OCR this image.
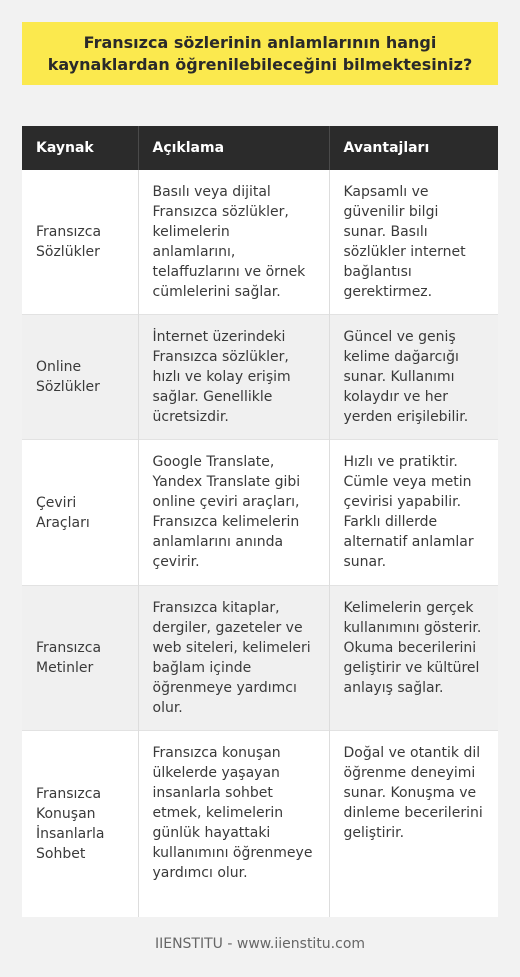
Fransızca sözlerinin anlamlarının hangi kaynaklardan öğrenilebileceğini bilmektesiniz?
Kaynak	Açıklama	Avantajları
Fransızca Sözlükler	Basılı veya dijital Fransızca sözlükler, kelimelerin anlamlarını, telaffuzlarını ve örnek cümlelerini sağlar.	Kapsamlı ve güvenilir bilgi sunar. Basılı sözlükler internet bağlantısı gerektirmez.
Online Sözlükler	İnternet üzerindeki Fransızca sözlükler, hızlı ve kolay erişim sağlar. Genellikle ücretsizdir.	Güncel ve geniş kelime dağarcığı sunar. Kullanımı kolaydır ve her yerden erişilebilir.
Çeviri Araçları	Google Translate, Yandex Translate gibi online çeviri araçları, Fransızca kelimelerin anlamlarını anında çevirir.	Hızlı ve pratiktir. Cümle veya metin çevirisi yapabilir. Farklı dillerde alternatif anlamlar sunar.
Fransızca Metinler	Fransızca kitaplar, dergiler, gazeteler ve web siteleri, kelimeleri bağlam içinde öğrenmeye yardımcı olur.	Kelimelerin gerçek kullanımını gösterir. Okuma becerilerini geliştirir ve kültürel anlayış sağlar.
Fransızca Konuşan İnsanlarla Sohbet	Fransızca konuşan ülkelerde yaşayan insanlarla sohbet etmek, kelimelerin günlük hayattaki kullanımını öğrenmeye yardımcı olur.	Doğal ve otantik dil öğrenme deneyimi sunar. Konuşma ve dinleme becerilerini geliştirir.
IIENSTITU - www.iienstitu.com
